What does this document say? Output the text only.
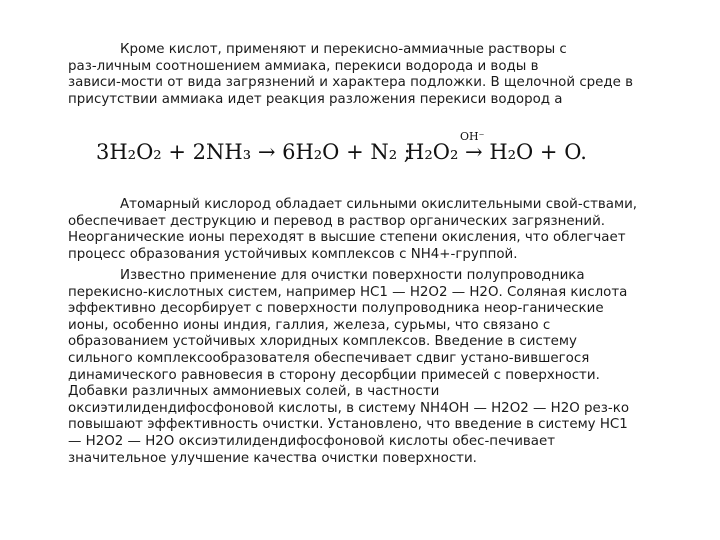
Кроме кислот, применяют и перекисно-аммиачные растворы с
раз-личным соотношением аммиака, перекиси водорода и воды в
зависи-мости от вида загрязнений и характера подложки. В щелочной среде в
присутствии аммиака идет реакция разложения перекиси водород а

3H₂O₂ + 2NH₃ → 6H₂O + N₂ ;
OH⁻
H₂O₂ → H₂O + O.

Атомарный кислород обладает сильными окислительными свой-ствами,
обеспечивает деструкцию и перевод в раствор органических загрязнений.
Неорганические ионы переходят в высшие степени окисления, что облегчает
процесс образования устойчивых комплексов с NH4+-группой.

Известно применение для очистки поверхности полупроводника
перекисно-кислотных систем, например НС1 — Н2О2 — Н2О. Соляная кислота
эффективно десорбирует с поверхности полупроводника неор-ганические
ионы, особенно ионы индия, галлия, железа, сурьмы, что связано с
образованием устойчивых хлоридных комплексов. Введение в систему
сильного комплексообразователя обеспечивает сдвиг устано-вившегося
динамического равновесия в сторону десорбции примесей с поверхности.
Добавки различных аммониевых солей, в частности
оксиэтилидендифосфоновой кислоты, в систему NH4OH — Н2О2 — Н2О рез-ко
повышают эффективность очистки. Установлено, что введение в систему НС1
— Н2О2 — Н2О оксиэтилидендифосфоновой кислоты обес-печивает
значительное улучшение качества очистки поверхности.
